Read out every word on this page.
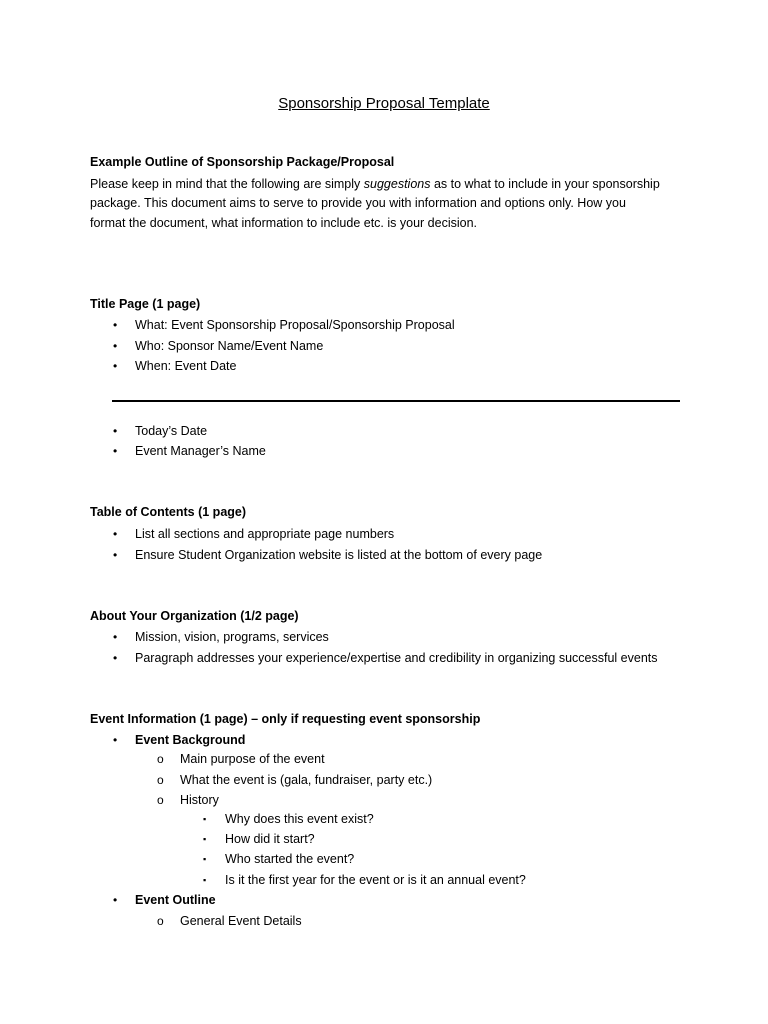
Sponsorship Proposal Template
Example Outline of Sponsorship Package/Proposal
Please keep in mind that the following are simply suggestions as to what to include in your sponsorship
package. This document aims to serve to provide you with information and options only. How you
format the document, what information to include etc. is your decision.
Title Page (1 page)
• What: Event Sponsorship Proposal/Sponsorship Proposal
• Who: Sponsor Name/Event Name
• When: Event Date
• Today’s Date
• Event Manager’s Name
Table of Contents (1 page)
• List all sections and appropriate page numbers
• Ensure Student Organization website is listed at the bottom of every page
About Your Organization (1/2 page)
• Mission, vision, programs, services
• Paragraph addresses your experience/expertise and credibility in organizing successful events
Event Information (1 page) – only if requesting event sponsorship
• Event Background
o Main purpose of the event
o What the event is (gala, fundraiser, party etc.)
o History
▪ Why does this event exist?
▪ How did it start?
▪ Who started the event?
▪ Is it the first year for the event or is it an annual event?
• Event Outline
o General Event Details
